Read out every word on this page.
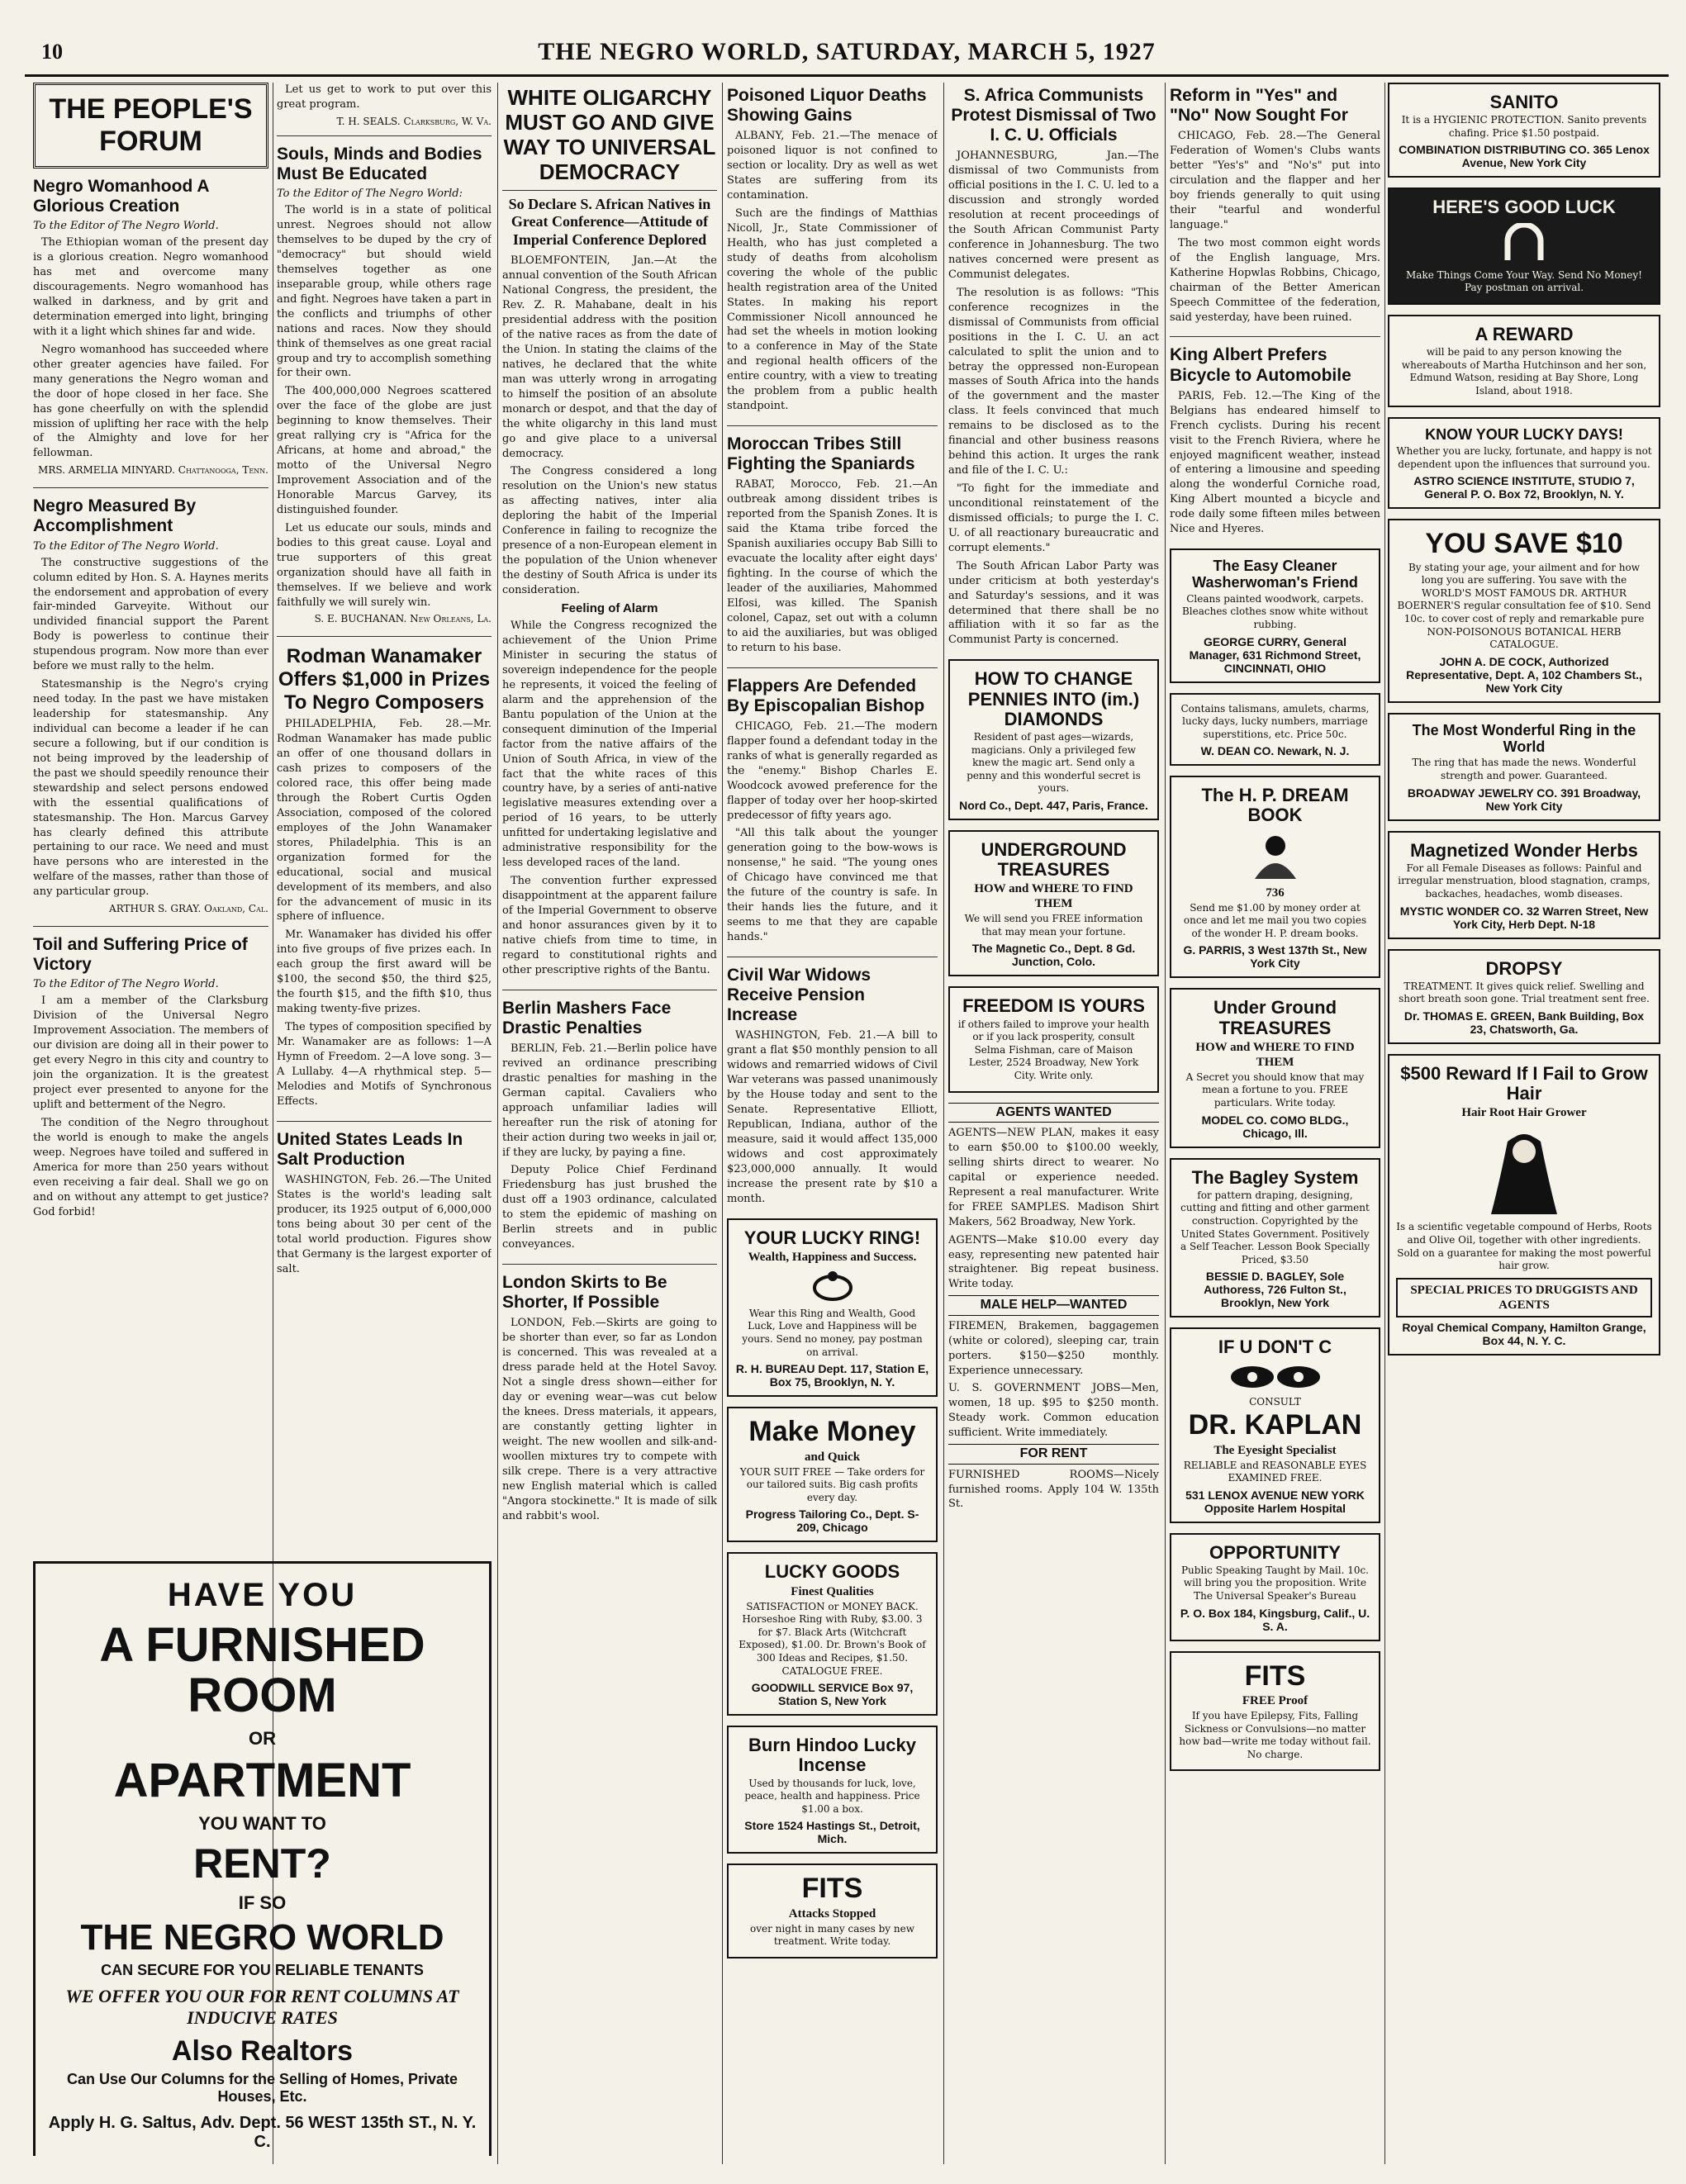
10	THE NEGRO WORLD, SATURDAY, MARCH 5, 1927
THE PEOPLE'S FORUM
Negro Womanhood A Glorious Creation
To the Editor of The Negro World.

The Ethiopian woman of the present day is a glorious creation. Negro womanhood has met and overcome many discouragements. Negro womanhood has walked in darkness, and by grit and determination emerged into light, bringing with it a light which shines far and wide.

Negro womanhood has succeeded where other greater agencies have failed. For many generations the Negro woman and the door of hope closed in her face. She has gone cheerfully on with the splendid mission of uplifting her race with the help of the Almighty and love for her fellowman.

MRS. ARMELIA MINYARD. Chattanooga, Tenn.
Negro Measured By Accomplishment
To the Editor of The Negro World.

The constructive suggestions of the column edited by Hon. S. A. Haynes merits the endorsement and approbation of every fair-minded Garveyite. Without our undivided financial support the Parent Body is powerless to continue their stupendous program. Now more than ever before we must rally to the helm.

Statesmanship is the Negro's crying need today. In the past we have mistaken leadership for statesmanship. Any individual can become a leader if he can secure a following, but if our condition is not being improved by the leadership of the past we should speedily renounce their stewardship and select persons endowed with the essential qualifications of statesmanship. The Hon. Marcus Garvey has clearly defined this attribute pertaining to our race. We need and must have persons who are interested in the welfare of the masses, rather than those of any particular group.

ARTHUR S. GRAY. Oakland, Cal.
Toil and Suffering Price of Victory
To the Editor of The Negro World.

I am a member of the Clarksburg Division of the Universal Negro Improvement Association. The members of our division are doing all in their power to get every Negro in this city and country to join the organization. It is the greatest project ever presented to anyone for the uplift and betterment of the Negro.

The condition of the Negro throughout the world is enough to make the angels weep. Negroes have toiled and suffered in America for more than 250 years without even receiving a fair deal. Shall we go on and on without any attempt to get justice? God forbid!

Let us get to work to put over this great program.

T. H. SEALS. Clarksburg, W. Va.
Souls, Minds and Bodies Must Be Educated
To the Editor of The Negro World:

The world is in a state of political unrest. Negroes should not allow themselves to be duped by the cry of "democracy" but should wield themselves together as one inseparable group, while others rage and fight. Negroes have taken a part in the conflicts and triumphs of other nations and races. Now they should think of themselves as one great racial group and try to accomplish something for their own.

The 400,000,000 Negroes scattered over the face of the globe are just beginning to know themselves. Their great rallying cry is "Africa for the Africans, at home and abroad," the motto of the Universal Negro Improvement Association and of the Honorable Marcus Garvey, its distinguished founder.

Let us educate our souls, minds and bodies to this great cause. Loyal and true supporters of this great organization should have all faith in themselves. If we believe and work faithfully we will surely win.

S. E. BUCHANAN. New Orleans, La.
Rodman Wanamaker Offers $1,000 in Prizes To Negro Composers

PHILADELPHIA, Feb. 28.—Mr. Rodman Wanamaker has made public an offer of one thousand dollars in cash prizes to composers of the colored race, this offer being made through the Robert Curtis Ogden Association, composed of the colored employes of the John Wanamaker stores, Philadelphia. This is an organization formed for the educational, social and musical development of its members, and also for the advancement of music in its sphere of influence.

Mr. Wanamaker has divided his offer into five groups of five prizes each. In each group the first award will be $100, the second $50, the third $25, the fourth $15, and the fifth $10, thus making twenty-five prizes.

The types of composition specified by Mr. Wanamaker are as follows: 1—A Hymn of Freedom. 2—A love song. 3—A Lullaby. 4—A rhythmical step. 5—Melodies and Motifs of Synchronous Effects.

United States Leads In Salt Production

WASHINGTON, Feb. 26.—The United States is the world's leading salt producer, its 1925 output of 6,000,000 tons being about 30 per cent of the total world production. Figures show that Germany is the largest exporter of salt.

HAVE YOU
A FURNISHED ROOM
OR
APARTMENT
YOU WANT TO
RENT?
IF SO
THE NEGRO WORLD
CAN SECURE FOR YOU RELIABLE TENANTS
WE OFFER YOU OUR FOR RENT COLUMNS AT INDUCIVE RATES
Also Realtors
Can Use Our Columns for the Selling of Homes, Private Houses, Etc.
Apply H. G. Saltus, Adv. Dept. 56 WEST 135th ST., N. Y. C.
WHITE OLIGARCHY MUST GO AND GIVE WAY TO UNIVERSAL DEMOCRACY
So Declare S. African Natives in Great Conference—Attitude of Imperial Conference Deplored

BLOEMFONTEIN, Jan.—At the annual convention of the South African National Congress, the president, the Rev. Z. R. Mahabane, dealt in his presidential address with the position of the native races as from the date of the Union. In stating the claims of the natives, he declared that the white man was utterly wrong in arrogating to himself the position of an absolute monarch or despot, and that the day of the white oligarchy in this land must go and give place to a universal democracy.

The Congress considered a long resolution on the Union's new status as affecting natives, inter alia deploring the habit of the Imperial Conference in failing to recognize the presence of a non-European element in the population of the Union whenever the destiny of South Africa is under its consideration.

Feeling of Alarm

While the Congress recognized the achievement of the Union Prime Minister in securing the status of sovereign independence for the people he represents, it voiced the feeling of alarm and the apprehension of the Bantu population of the Union at the consequent diminution of the Imperial factor from the native affairs of the Union of South Africa, in view of the fact that the white races of this country have, by a series of anti-native legislative measures extending over a period of 16 years, to be utterly unfitted for undertaking legislative and administrative responsibility for the less developed races of the land.

The convention further expressed disappointment at the apparent failure of the Imperial Government to observe and honor assurances given by it to native chiefs from time to time, in regard to constitutional rights and other prescriptive rights of the Bantu.

Berlin Mashers Face Drastic Penalties

BERLIN, Feb. 21.—Berlin police have revived an ordinance prescribing drastic penalties for mashing in the German capital. Cavaliers who approach unfamiliar ladies will hereafter run the risk of atoning for their action during two weeks in jail or, if they are lucky, by paying a fine.

Deputy Police Chief Ferdinand Friedensburg has just brushed the dust off a 1903 ordinance, calculated to stem the epidemic of mashing on Berlin streets and in public conveyances.

London Skirts to Be Shorter, If Possible

LONDON, Feb.—Skirts are going to be shorter than ever, so far as London is concerned. This was revealed at a dress parade held at the Hotel Savoy. Not a single dress shown—either for day or evening wear—was cut below the knees. Dress materials, it appears, are constantly getting lighter in weight. The new woollen and silk-and-woollen mixtures try to compete with silk crepe. There is a very attractive new English material which is called "Angora stockinette." It is made of silk and rabbit's wool.

Poisoned Liquor Deaths Showing Gains

ALBANY, Feb. 21.—The menace of poisoned liquor is not confined to section or locality. Dry as well as wet States are suffering from its contamination.

Such are the findings of Matthias Nicoll, Jr., State Commissioner of Health, who has just completed a study of deaths from alcoholism covering the whole of the public health registration area of the United States. In making his report Commissioner Nicoll announced he had set the wheels in motion looking to a conference in May of the State and regional health officers of the entire country, with a view to treating the problem from a public health standpoint.

Moroccan Tribes Still Fighting the Spaniards

RABAT, Morocco, Feb. 21.—An outbreak among dissident tribes is reported from the Spanish Zones. It is said the Ktama tribe forced the Spanish auxiliaries occupy Bab Silli to evacuate the locality after eight days' fighting. In the course of which the leader of the auxiliaries, Mahommed Elfosi, was killed. The Spanish colonel, Capaz, set out with a column to aid the auxiliaries, but was obliged to return to his base.

Flappers Are Defended By Episcopalian Bishop

CHICAGO, Feb. 21.—The modern flapper found a defendant today in the ranks of what is generally regarded as the "enemy." Bishop Charles E. Woodcock avowed preference for the flapper of today over her hoop-skirted predecessor of fifty years ago.

"All this talk about the younger generation going to the bow-wows is nonsense," he said. "The young ones of Chicago have convinced me that the future of the country is safe. In their hands lies the future, and it seems to me that they are capable hands."

Civil War Widows Receive Pension Increase

WASHINGTON, Feb. 21.—A bill to grant a flat $50 monthly pension to all widows and remarried widows of Civil War veterans was passed unanimously by the House today and sent to the Senate. Representative Elliott, Republican, Indiana, author of the measure, said it would affect 135,000 widows and cost approximately $23,000,000 annually. It would increase the present rate by $10 a month.

YOUR LUCKY RING!
Wealth, Happiness and Success.
Wear this Ring and Wealth, Good Luck, Love and Happiness will be yours. Send no money, pay postman on arrival.
R. H. BUREAU Dept. 117, Station E, Box 75, Brooklyn, N. Y.
Make Money
and Quick
YOUR SUIT FREE — Take orders for our tailored suits. Big cash profits every day.
Progress Tailoring Co., Dept. S-209, Chicago
LUCKY GOODS
Finest Qualities
SATISFACTION or MONEY BACK. Horseshoe Ring with Ruby, $3.00. 3 for $7. Black Arts (Witchcraft Exposed), $1.00. Dr. Brown's Book of 300 Ideas and Recipes, $1.50. CATALOGUE FREE.
GOODWILL SERVICE Box 97, Station S, New York
Burn Hindoo Lucky Incense
Used by thousands for luck, love, peace, health and happiness. Price $1.00 a box.
Store 1524 Hastings St., Detroit, Mich.
FITS
Attacks Stopped
over night in many cases by new treatment. Write today.
S. Africa Communists Protest Dismissal of Two I. C. U. Officials

JOHANNESBURG, Jan.—The dismissal of two Communists from official positions in the I. C. U. led to a discussion and strongly worded resolution at recent proceedings of the South African Communist Party conference in Johannesburg. The two natives concerned were present as Communist delegates.

The resolution is as follows: "This conference recognizes in the dismissal of Communists from official positions in the I. C. U. an act calculated to split the union and to betray the oppressed non-European masses of South Africa into the hands of the government and the master class. It feels convinced that much remains to be disclosed as to the financial and other business reasons behind this action. It urges the rank and file of the I. C. U.:

"To fight for the immediate and unconditional reinstatement of the dismissed officials; to purge the I. C. U. of all reactionary bureaucratic and corrupt elements."

The South African Labor Party was under criticism at both yesterday's and Saturday's sessions, and it was determined that there shall be no affiliation with it so far as the Communist Party is concerned.

HOW TO CHANGE PENNIES INTO (im.) DIAMONDS
Resident of past ages—wizards, magicians. Only a privileged few knew the magic art. Send only a penny and this wonderful secret is yours.
Nord Co., Dept. 447, Paris, France.
UNDERGROUND TREASURES
HOW and WHERE TO FIND THEM
We will send you FREE information that may mean your fortune.
The Magnetic Co., Dept. 8 Gd. Junction, Colo.
FREEDOM IS YOURS
if others failed to improve your health or if you lack prosperity, consult Selma Fishman, care of Maison Lester, 2524 Broadway, New York City. Write only.
AGENTS WANTED

AGENTS—NEW PLAN, makes it easy to earn $50.00 to $100.00 weekly, selling shirts direct to wearer. No capital or experience needed. Represent a real manufacturer. Write for FREE SAMPLES. Madison Shirt Makers, 562 Broadway, New York.

AGENTS—Make $10.00 every day easy, representing new patented hair straightener. Big repeat business. Write today.

MALE HELP—WANTED

FIREMEN, Brakemen, baggagemen (white or colored), sleeping car, train porters. $150—$250 monthly. Experience unnecessary.

U. S. GOVERNMENT JOBS—Men, women, 18 up. $95 to $250 month. Steady work. Common education sufficient. Write immediately.

FOR RENT

FURNISHED ROOMS—Nicely furnished rooms. Apply 104 W. 135th St.

Reform in "Yes" and "No" Now Sought For

CHICAGO, Feb. 28.—The General Federation of Women's Clubs wants better "Yes's" and "No's" put into circulation and the flapper and her boy friends generally to quit using their "tearful and wonderful language."

The two most common eight words of the English language, Mrs. Katherine Hopwlas Robbins, Chicago, chairman of the Better American Speech Committee of the federation, said yesterday, have been ruined.

King Albert Prefers Bicycle to Automobile

PARIS, Feb. 12.—The King of the Belgians has endeared himself to French cyclists. During his recent visit to the French Riviera, where he enjoyed magnificent weather, instead of entering a limousine and speeding along the wonderful Corniche road, King Albert mounted a bicycle and rode daily some fifteen miles between Nice and Hyeres.

The Easy Cleaner Washerwoman's Friend
Cleans painted woodwork, carpets. Bleaches clothes snow white without rubbing.
GEORGE CURRY, General Manager, 631 Richmond Street, CINCINNATI, OHIO
Contains talismans, amulets, charms, lucky days, lucky numbers, marriage superstitions, etc. Price 50c.
W. DEAN CO. Newark, N. J.
The H. P. DREAM BOOK
736
Send me $1.00 by money order at once and let me mail you two copies of the wonder H. P. dream books.
G. PARRIS, 3 West 137th St., New York City
Under Ground TREASURES
HOW and WHERE TO FIND THEM
A Secret you should know that may mean a fortune to you. FREE particulars. Write today.
MODEL CO. COMO BLDG., Chicago, Ill.
The Bagley System
for pattern draping, designing, cutting and fitting and other garment construction. Copyrighted by the United States Government. Positively a Self Teacher. Lesson Book Specially Priced, $3.50
BESSIE D. BAGLEY, Sole Authoress, 726 Fulton St., Brooklyn, New York
IF U DON'T C
CONSULT
DR. KAPLAN
The Eyesight Specialist
RELIABLE and REASONABLE EYES EXAMINED FREE.
531 LENOX AVENUE NEW YORK Opposite Harlem Hospital
OPPORTUNITY
Public Speaking Taught by Mail. 10c. will bring you the proposition. Write The Universal Speaker's Bureau
P. O. Box 184, Kingsburg, Calif., U. S. A.
FITS
FREE Proof
If you have Epilepsy, Fits, Falling Sickness or Convulsions—no matter how bad—write me today without fail. No charge.
SANITO
It is a HYGIENIC PROTECTION. Sanito prevents chafing. Price $1.50 postpaid.
COMBINATION DISTRIBUTING CO. 365 Lenox Avenue, New York City
HERE'S GOOD LUCK
Make Things Come Your Way. Send No Money! Pay postman on arrival.
A REWARD
will be paid to any person knowing the whereabouts of Martha Hutchinson and her son, Edmund Watson, residing at Bay Shore, Long Island, about 1918.
KNOW YOUR LUCKY DAYS!
Whether you are lucky, fortunate, and happy is not dependent upon the influences that surround you.
ASTRO SCIENCE INSTITUTE, STUDIO 7, General P. O. Box 72, Brooklyn, N. Y.
YOU SAVE $10
By stating your age, your ailment and for how long you are suffering. You save with the WORLD'S MOST FAMOUS DR. ARTHUR BOERNER'S regular consultation fee of $10. Send 10c. to cover cost of reply and remarkable pure NON-POISONOUS BOTANICAL HERB CATALOGUE.
JOHN A. DE COCK, Authorized Representative, Dept. A, 102 Chambers St., New York City
The Most Wonderful Ring in the World
The ring that has made the news. Wonderful strength and power. Guaranteed.
BROADWAY JEWELRY CO. 391 Broadway, New York City
Magnetized Wonder Herbs
For all Female Diseases as follows: Painful and irregular menstruation, blood stagnation, cramps, backaches, headaches, womb diseases.
MYSTIC WONDER CO. 32 Warren Street, New York City, Herb Dept. N-18
DROPSY
TREATMENT. It gives quick relief. Swelling and short breath soon gone. Trial treatment sent free.
Dr. THOMAS E. GREEN, Bank Building, Box 23, Chatsworth, Ga.
$500 Reward If I Fail to Grow Hair
Hair Root Hair Grower
Is a scientific vegetable compound of Herbs, Roots and Olive Oil, together with other ingredients. Sold on a guarantee for making the most powerful hair grow.
SPECIAL PRICES TO DRUGGISTS AND AGENTS
Royal Chemical Company, Hamilton Grange, Box 44, N. Y. C.
